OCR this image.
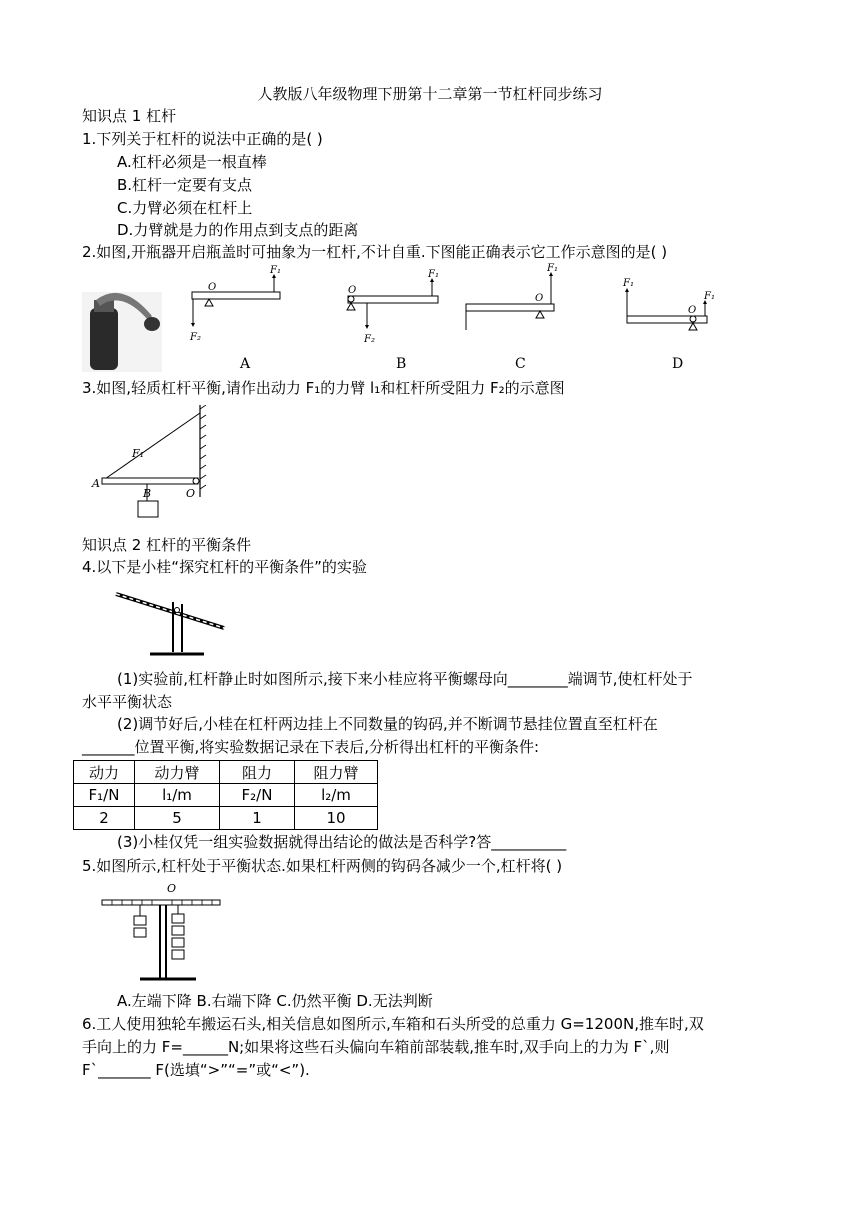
人教版八年级物理下册第十二章第一节杠杆同步练习
知识点 1 杠杆
1.下列关于杠杆的说法中正确的是( )
A.杠杆必须是一根直棒
B.杠杆一定要有支点
C.力臂必须在杠杆上
D.力臂就是力的作用点到支点的距离
2.如图,开瓶器开启瓶盖时可抽象为一杠杆,不计自重.下图能正确表示它工作示意图的是( )
O
F₁
F₂
A
O
F₁
F₂
B
O
F₁
C
F₁
O
F₁
D
3.如图,轻质杠杆平衡,请作出动力 F₁的力臂 l₁和杠杆所受阻力 F₂的示意图
F₁
A
B	O
知识点 2 杠杆的平衡条件
4.以下是小桂“探究杠杆的平衡条件”的实验
(1)实验前,杠杆静止时如图所示,接下来小桂应将平衡螺母向________端调节,使杠杆处于
水平平衡状态
(2)调节好后,小桂在杠杆两边挂上不同数量的钩码,并不断调节悬挂位置直至杠杆在
_______位置平衡,将实验数据记录在下表后,分析得出杠杆的平衡条件:
动力	动力臂	阻力	阻力臂
F₁/N	l₁/m	F₂/N	l₂/m
2	5	1	10
(3)小桂仅凭一组实验数据就得出结论的做法是否科学?答__________
5.如图所示,杠杆处于平衡状态.如果杠杆两侧的钩码各减少一个,杠杆将( )
O
A.左端下降 B.右端下降 C.仍然平衡 D.无法判断
6.工人使用独轮车搬运石头,相关信息如图所示,车箱和石头所受的总重力 G=1200N,推车时,双
手向上的力 F=______N;如果将这些石头偏向车箱前部装载,推车时,双手向上的力为 F`,则
F`_______ F(选填“>”“=”或“<”).
